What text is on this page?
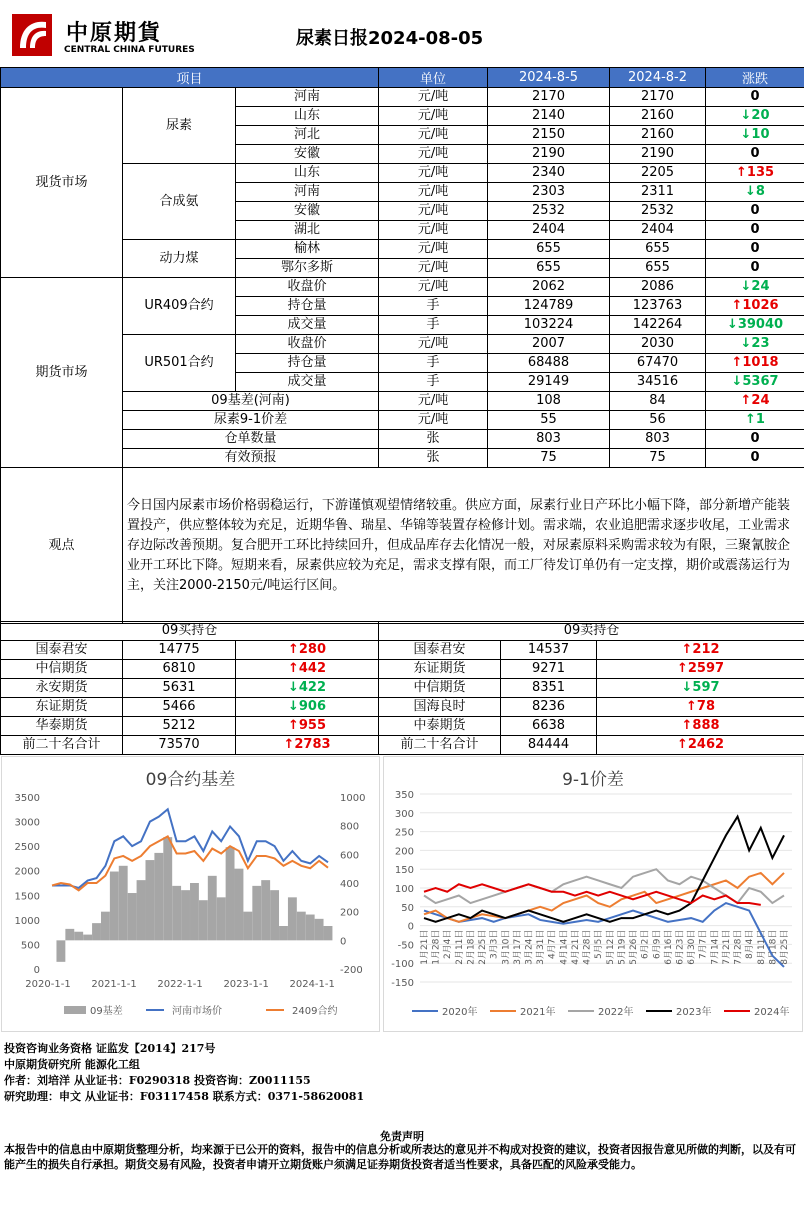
中原期貨
CENTRAL CHINA FUTURES
尿素日报2024-08-05
项目			单位	2024-8-5	2024-8-2	涨跌
现货市场	尿素	河南	元/吨	2170	2170	0
		山东	元/吨	2140	2160	↓20
		河北	元/吨	2150	2160	↓10
		安徽	元/吨	2190	2190	0
	合成氨	山东	元/吨	2340	2205	↑135
		河南	元/吨	2303	2311	↓8
		安徽	元/吨	2532	2532	0
		湖北	元/吨	2404	2404	0
	动力煤	榆林	元/吨	655	655	0
		鄂尔多斯	元/吨	655	655	0
期货市场	UR409合约	收盘价	元/吨	2062	2086	↓24
		持仓量	手	124789	123763	↑1026
		成交量	手	103224	142264	↓39040
	UR501合约	收盘价	元/吨	2007	2030	↓23
		持仓量	手	68488	67470	↑1018
		成交量	手	29149	34516	↓5367
	09基差(河南)		元/吨	108	84	↑24
	尿素9-1价差		元/吨	55	56	↑1
	仓单数量		张	803	803	0
	有效预报		张	75	75	0
观点	今日国内尿素市场价格弱稳运行，下游谨慎观望情绪较重。供应方面，尿素行业日产环比小幅下降，部分新增产能装置投产，供应整体较为充足，近期华鲁、瑞星、华锦等装置存检修计划。需求端，农业追肥需求逐步收尾，工业需求存边际改善预期。复合肥开工环比持续回升，但成品库存去化情况一般，对尿素原料采购需求较为有限，三聚氰胺企业开工环比下降。短期来看，尿素供应较为充足，需求支撑有限，而工厂待发订单仍有一定支撑，期价或震荡运行为主，关注2000-2150元/吨运行区间。					
09买持仓			09卖持仓		
国泰君安	14775	↑280	国泰君安	14537	↑212
中信期货	6810	↑442	东证期货	9271	↑2597
永安期货	5631	↓422	中信期货	8351	↓597
东证期货	5466	↓906	国海良时	8236	↑78
华泰期货	5212	↑955	中泰期货	6638	↑888
前二十名合计	73570	↑2783	前二十名合计	84444	↑2462
09合约基差
0
500
1000
1500
2000
2500
3000
3500
-200
0
200
400
600
800
1000
2020-1-1 2021-1-1 2022-1-1 2023-1-1 2024-1-1
09基差	河南市场价	2409合约
9-1价差
-150
-100
-50
0
50
100
150
200
250
300
350
1月21日 1月28日 2月4日 2月11日 2月18日 2月25日 3月3日 3月10日 3月17日 3月24日 3月31日 4月7日 4月14日 4月21日 4月28日 5月5日 5月12日 5月19日 5月26日 6月2日 6月9日 6月16日 6月23日 6月30日 7月7日 7月14日 7月21日 7月28日 8月4日 8月11日 8月18日 8月25日
2020年	2021年	2022年	2023年	2024年
投资咨询业务资格 证监发【2014】217号
中原期货研究所 能源化工组
作者：刘培洋 从业证书：F0290318 投资咨询：Z0011155
研究助理：申文 从业证书：F03117458 联系方式：0371-58620081
免责声明
本报告中的信息由中原期货整理分析，均来源于已公开的资料，报告中的信息分析或所表达的意见并不构成对投资的建议，投资者因报告意见所做的判断，以及有可能产生的损失自行承担。期货交易有风险，投资者申请开立期货账户须满足证券期货投资者适当性要求，具备匹配的风险承受能力。
